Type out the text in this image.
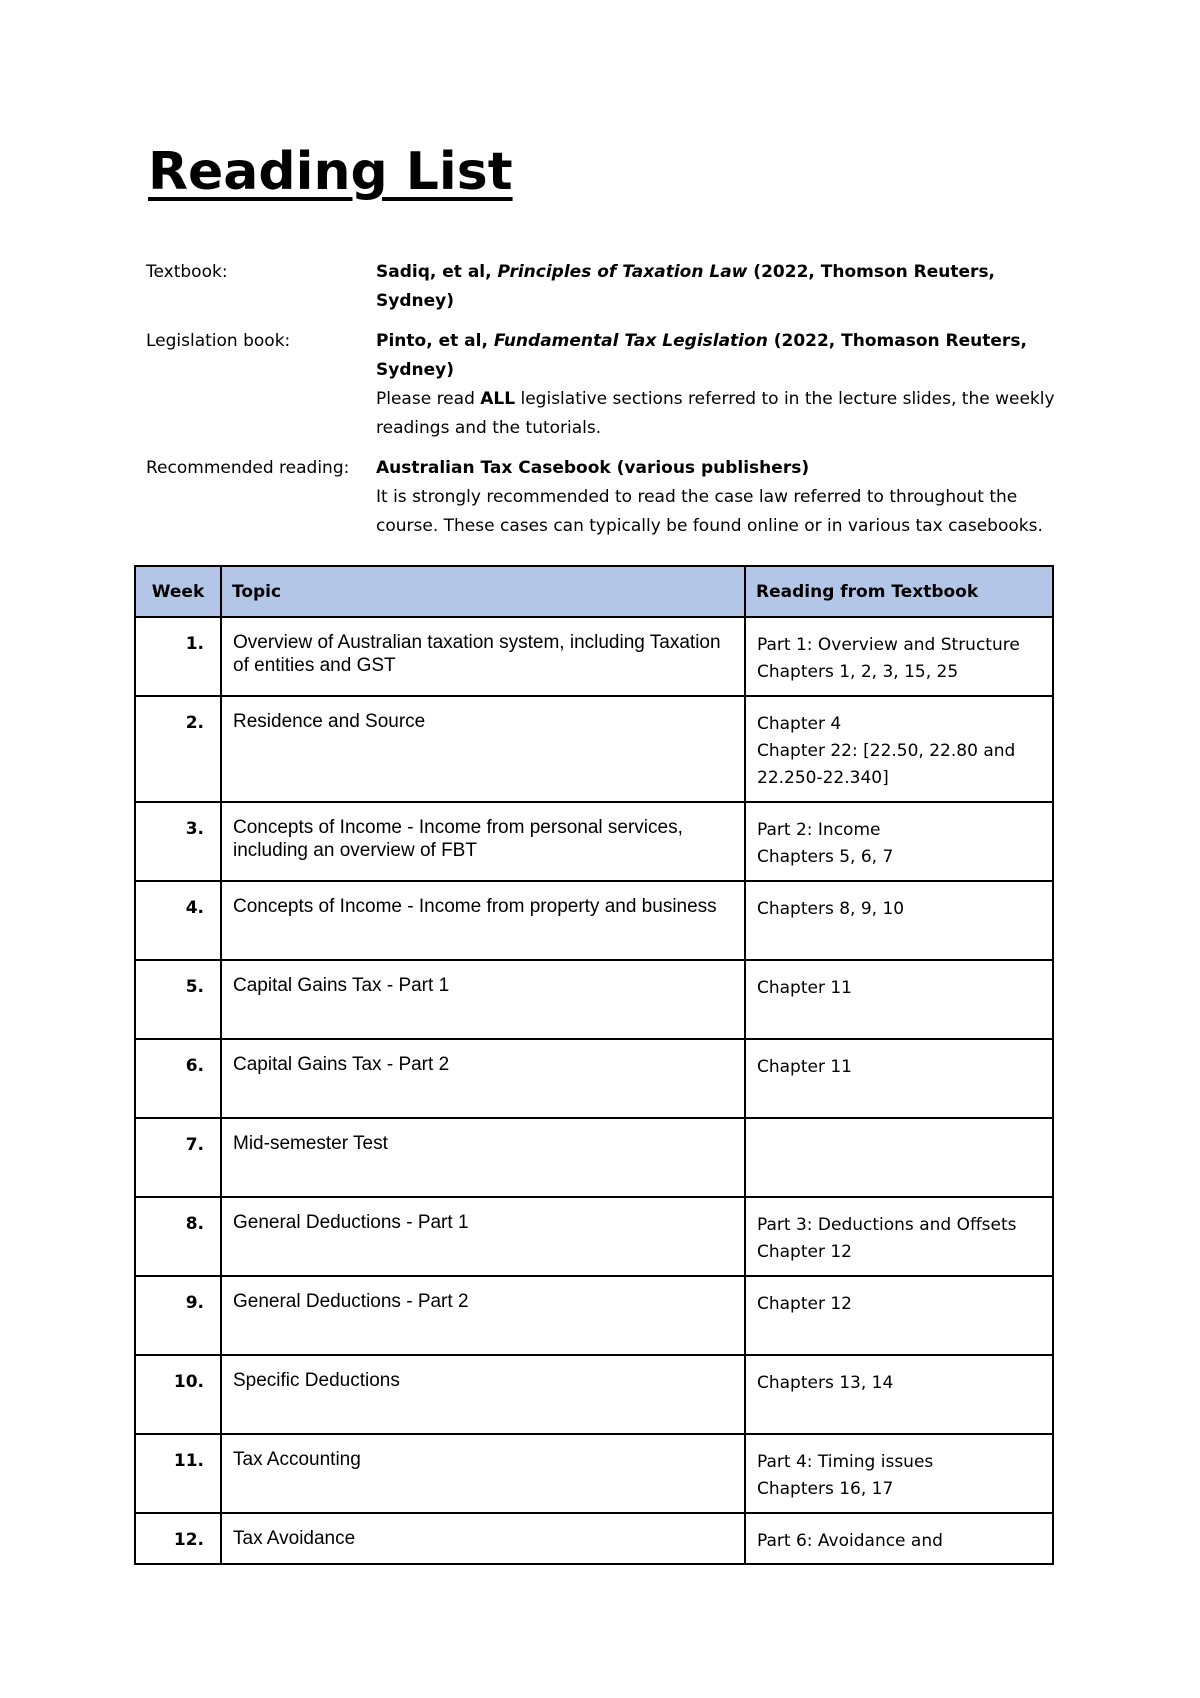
Reading List
Textbook:	Sadiq, et al, Principles of Taxation Law (2022, Thomson Reuters, Sydney)
Legislation book:	Pinto, et al, Fundamental Tax Legislation (2022, Thomason Reuters, Sydney)
Please read ALL legislative sections referred to in the lecture slides, the weekly readings and the tutorials.
Recommended reading:	Australian Tax Casebook (various publishers)
It is strongly recommended to read the case law referred to throughout the course. These cases can typically be found online or in various tax casebooks.
Week	Topic	Reading from Textbook
1.	Overview of Australian taxation system, including Taxation of entities and GST	Part 1: Overview and Structure
Chapters 1, 2, 3, 15, 25

2.	Residence and Source	Chapter 4
Chapter 22: [22.50, 22.80 and 22.250-22.340]

3.	Concepts of Income - Income from personal services, including an overview of FBT	Part 2: Income
Chapters 5, 6, 7

4.	Concepts of Income - Income from property and business	Chapters 8, 9, 10

5.	Capital Gains Tax - Part 1	Chapter 11

6.	Capital Gains Tax - Part 2	Chapter 11

7.	Mid-semester Test	

8.	General Deductions - Part 1	Part 3: Deductions and Offsets
Chapter 12

9.	General Deductions - Part 2	Chapter 12

10.	Specific Deductions	Chapters 13, 14

11.	Tax Accounting	Part 4: Timing issues
Chapters 16, 17

12.	Tax Avoidance	Part 6: Avoidance and
